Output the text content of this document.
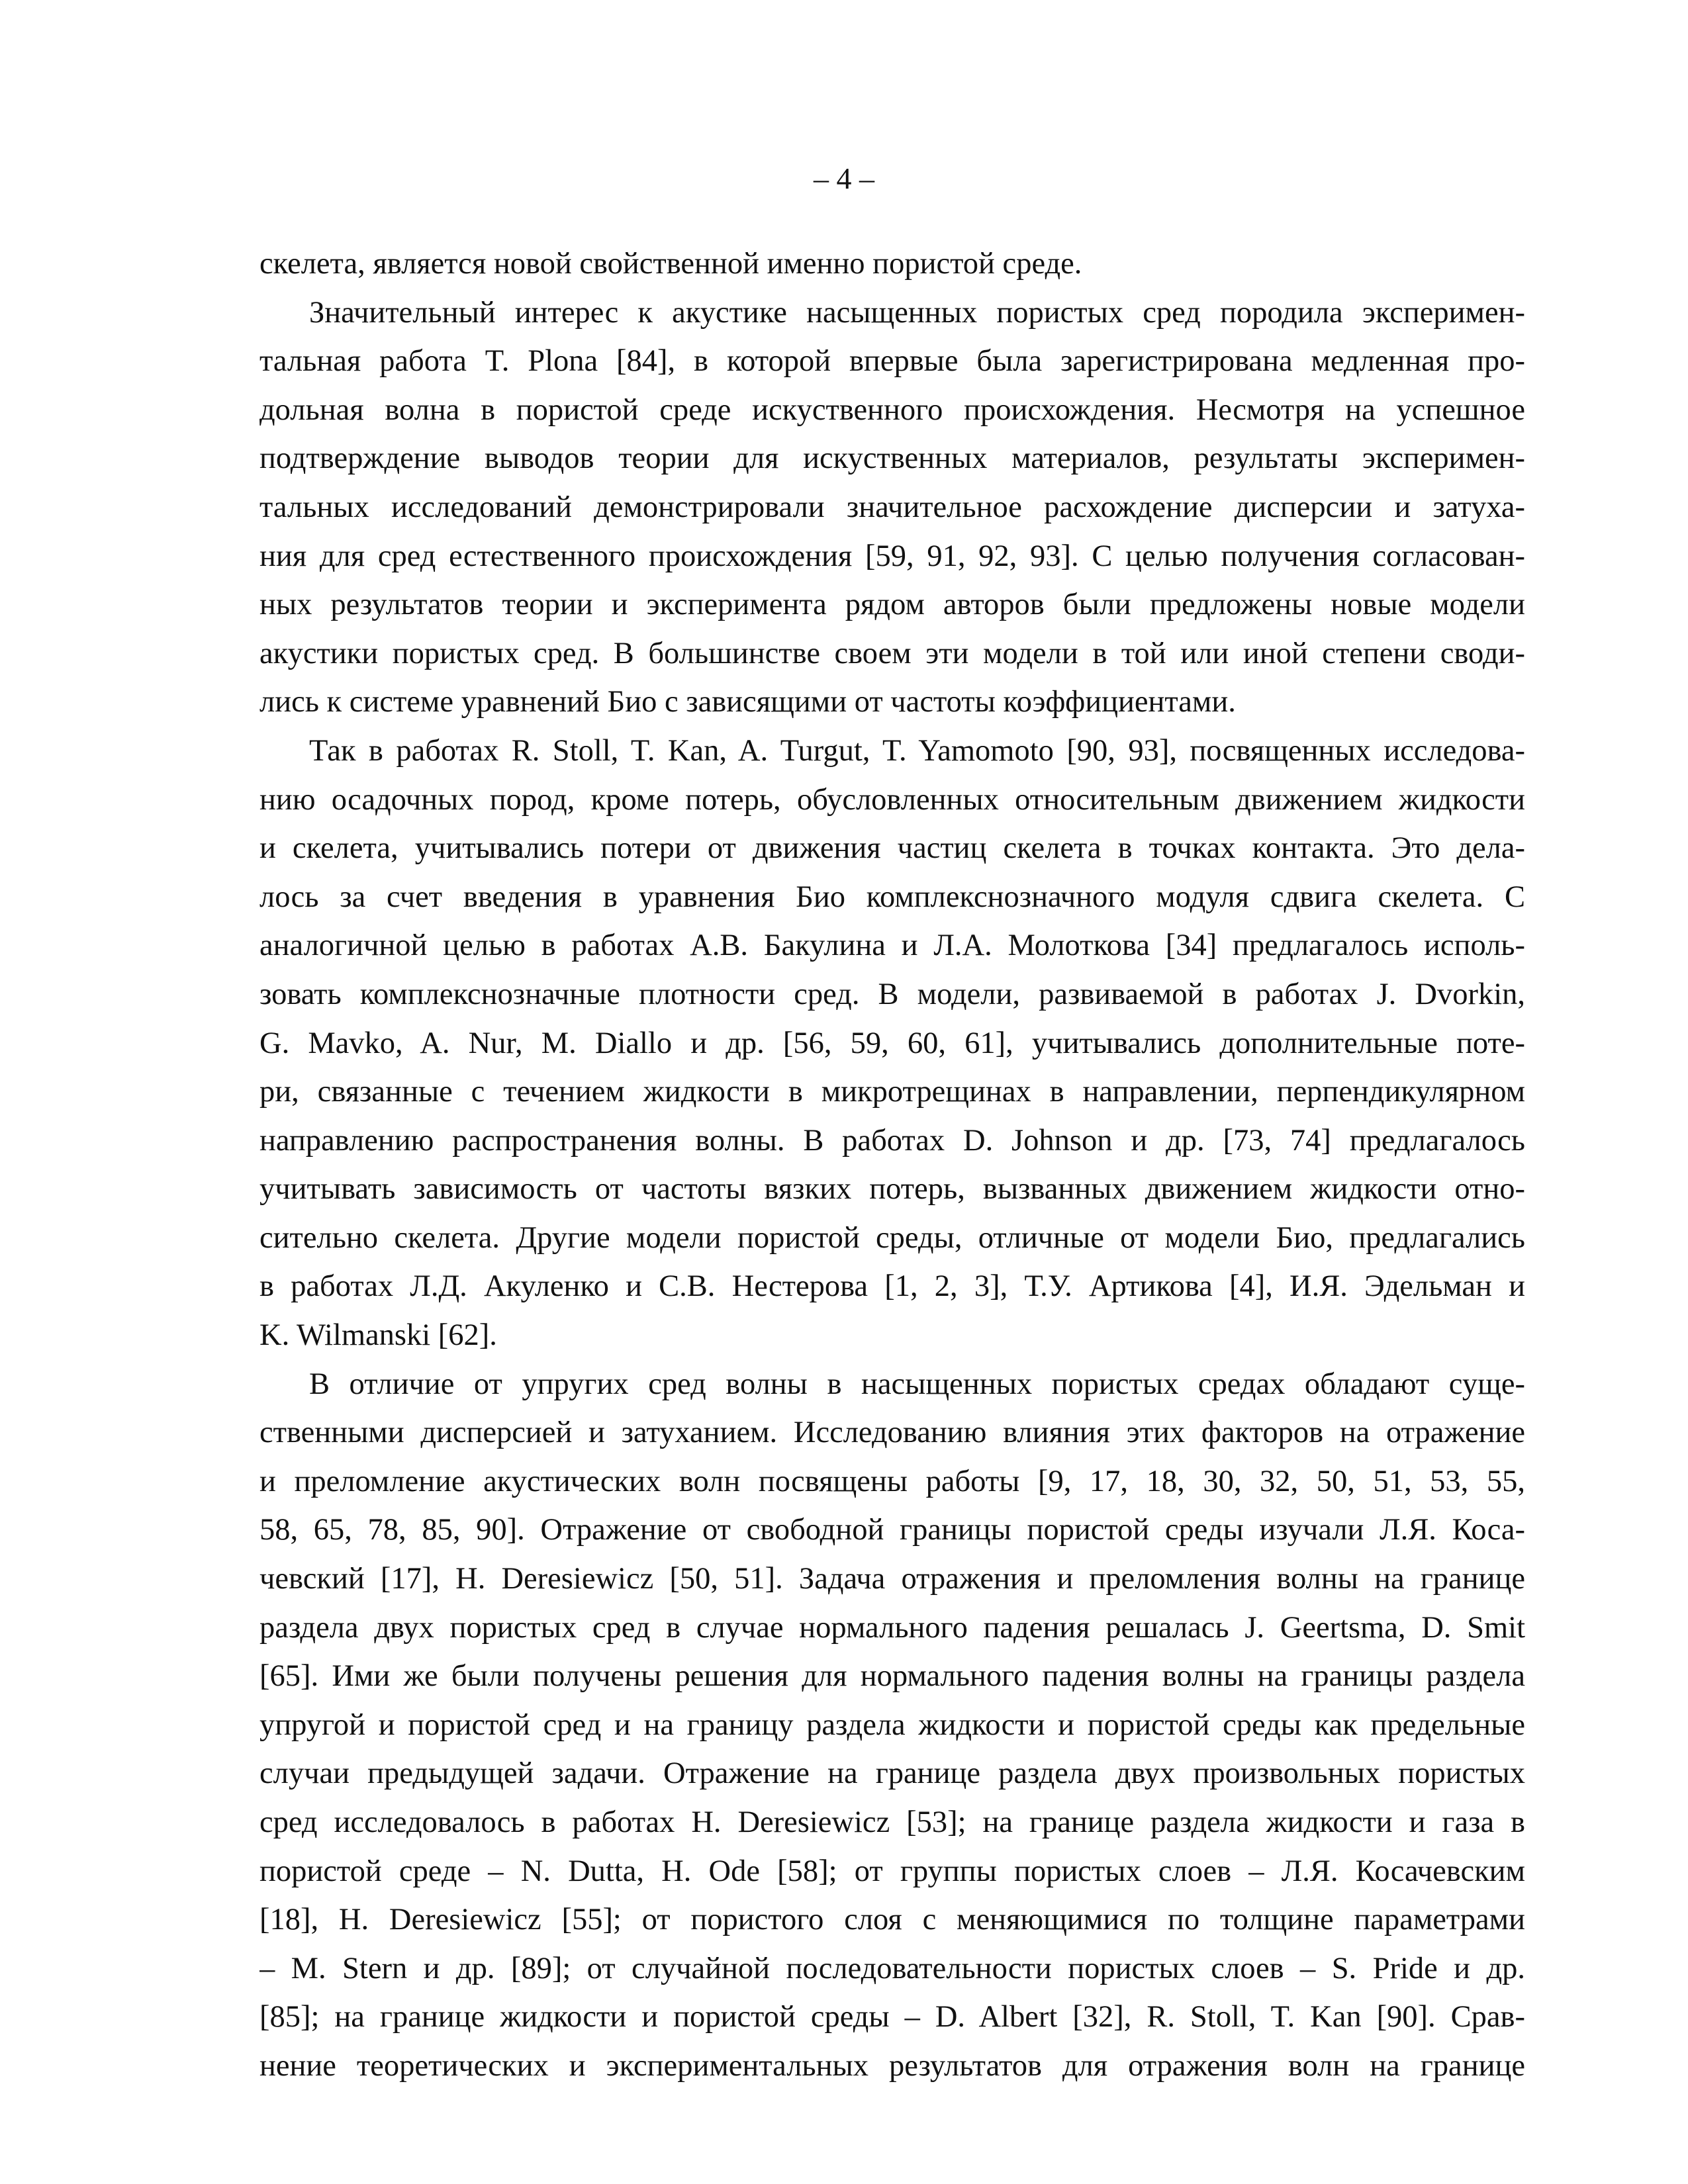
– 4 –

скелета, является новой свойственной именно пористой среде.

Значительный интерес к акустике насыщенных пористых сред породила эксперимен-
тальная работа T. Plona [84], в которой впервые была зарегистрирована медленная про-
дольная волна в пористой среде искуственного происхождения. Несмотря на успешное
подтверждение выводов теории для искуственных материалов, результаты эксперимен-
тальных исследований демонстрировали значительное расхождение дисперсии и затуха-
ния для сред естественного происхождения [59, 91, 92, 93]. С целью получения согласован-
ных результатов теории и эксперимента рядом авторов были предложены новые модели
акустики пористых сред. В большинстве своем эти модели в той или иной степени своди-
лись к системе уравнений Био с зависящими от частоты коэффициентами.

Так в работах R. Stoll, T. Kan, A. Turgut, T. Yamomoto [90, 93], посвященных исследова-
нию осадочных пород, кроме потерь, обусловленных относительным движением жидкости
и скелета, учитывались потери от движения частиц скелета в точках контакта. Это дела-
лось за счет введения в уравнения Био комплекснозначного модуля сдвига скелета. С
аналогичной целью в работах А.В. Бакулина и Л.А. Молоткова [34] предлагалось исполь-
зовать комплекснозначные плотности сред. В модели, развиваемой в работах J. Dvorkin,
G. Mavko, A. Nur, M. Diallo и др. [56, 59, 60, 61], учитывались дополнительные поте-
ри, связанные с течением жидкости в микротрещинах в направлении, перпендикулярном
направлению распространения волны. В работах D. Johnson и др. [73, 74] предлагалось
учитывать зависимость от частоты вязких потерь, вызванных движением жидкости отно-
сительно скелета. Другие модели пористой среды, отличные от модели Био, предлагались
в работах Л.Д. Акуленко и С.В. Нестерова [1, 2, 3], Т.У. Артикова [4], И.Я. Эдельман и
K. Wilmanski [62].

В отличие от упругих сред волны в насыщенных пористых средах обладают суще-
ственными дисперсией и затуханием. Исследованию влияния этих факторов на отражение
и преломление акустических волн посвящены работы [9, 17, 18, 30, 32, 50, 51, 53, 55,
58, 65, 78, 85, 90]. Отражение от свободной границы пористой среды изучали Л.Я. Коса-
чевский [17], H. Deresiewicz [50, 51]. Задача отражения и преломления волны на границе
раздела двух пористых сред в случае нормального падения решалась J. Geertsma, D. Smit
[65]. Ими же были получены решения для нормального падения волны на границы раздела
упругой и пористой сред и на границу раздела жидкости и пористой среды как предельные
случаи предыдущей задачи. Отражение на границе раздела двух произвольных пористых
сред исследовалось в работах H. Deresiewicz [53]; на границе раздела жидкости и газа в
пористой среде – N. Dutta, H. Ode [58]; от группы пористых слоев – Л.Я. Косачевским
[18], H. Deresiewicz [55]; от пористого слоя с меняющимися по толщине параметрами
– M. Stern и др. [89]; от случайной последовательности пористых слоев – S. Pride и др.
[85]; на границе жидкости и пористой среды – D. Albert [32], R. Stoll, T. Kan [90]. Срав-
нение теоретических и экспериментальных результатов для отражения волн на границе
